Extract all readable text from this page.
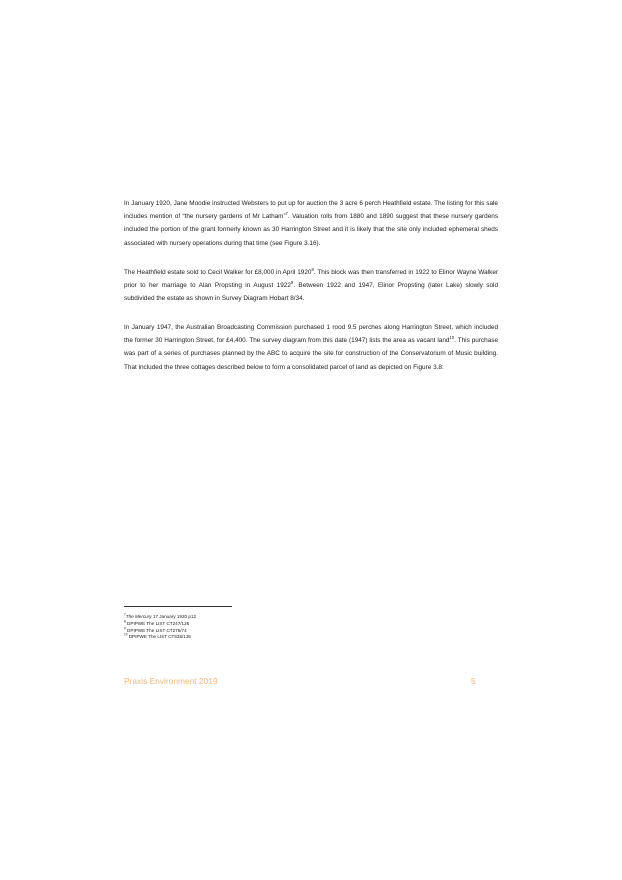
In January 1920, Jane Moodie instructed Websters to put up for auction the 3 acre 6 perch Heathfield estate. The listing for this sale includes mention of “the nursery gardens of Mr Latham”$^7$. Valuation rolls from 1880 and 1890 suggest that these nursery gardens included the portion of the grant formerly known as 30 Harrington Street and it is likely that the site only included ephemeral sheds associated with nursery operations during that time (see Figure 3.16).

The Heathfield estate sold to Cecil Walker for £8,000 in April 1920$^8$. This block was then transferred in 1922 to Elinor Wayne Walker prior to her marriage to Alan Propsting in August 1922$^9$. Between 1922 and 1947, Elinor Propsting (later Lake) slowly sold subdivided the estate as shown in Survey Diagram Hobart 8/34.

In January 1947, the Australian Broadcasting Commission purchased 1 rood 9.5 perches along Harrington Street, which included the former 30 Harrington Street, for £4,400. The survey diagram from this date (1947) lists the area as vacant land$^{10}$. This purchase was part of a series of purchases planned by the ABC to acquire the site for construction of the Conservatorium of Music building. That included the three cottages described below to form a consolidated parcel of land as depicted on Figure 3.8:

$^7$The Mercury 17 January 1920 p12
$^8$ DPIPWE The LIST CT247/126
$^9$ DPIPWE The LIST CT275/74
$^{10}$ DPIPWE The LIST CT538/136
Praxis Environment 2019	5
